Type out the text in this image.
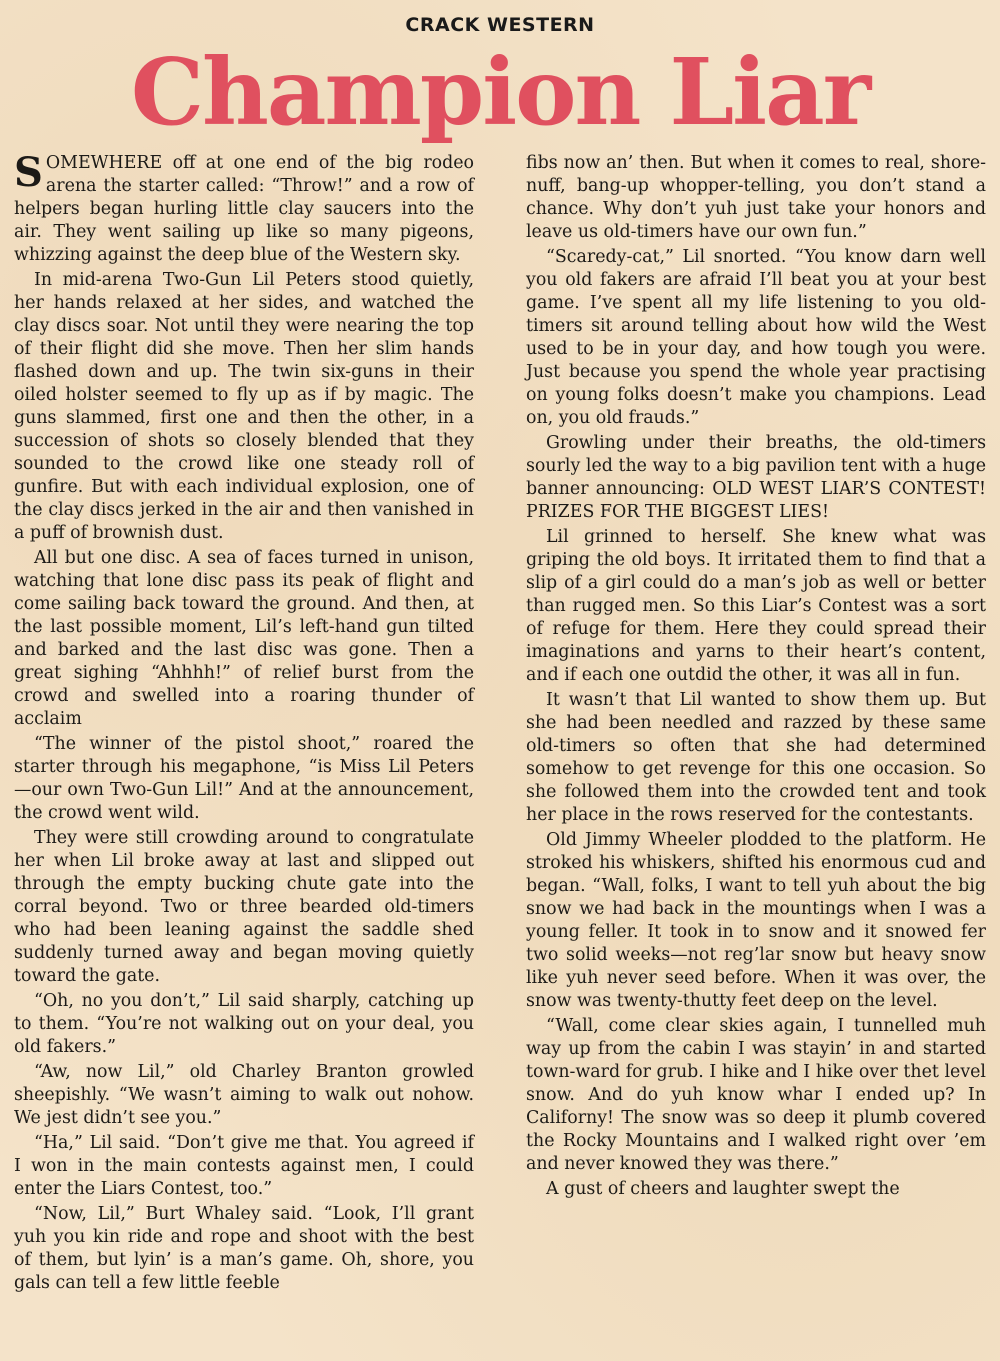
CRACK WESTERN
Champion Liar

SOMEWHERE off at one end of the big rodeo arena the starter called: “Throw!” and a row of helpers began hurling little clay saucers into the air. They went sailing up like so many pigeons, whizzing against the deep blue of the Western sky.

In mid-arena Two-Gun Lil Peters stood quietly, her hands relaxed at her sides, and watched the clay discs soar. Not until they were nearing the top of their flight did she move. Then her slim hands flashed down and up. The twin six-guns in their oiled holster seemed to fly up as if by magic. The guns slammed, first one and then the other, in a succession of shots so closely blended that they sounded to the crowd like one steady roll of gunfire. But with each individual explosion, one of the clay discs jerked in the air and then vanished in a puff of brownish dust.

All but one disc. A sea of faces turned in unison, watching that lone disc pass its peak of flight and come sailing back toward the ground. And then, at the last possible moment, Lil’s left-hand gun tilted and barked and the last disc was gone. Then a great sighing “Ahhhh!” of relief burst from the crowd and swelled into a roaring thunder of acclaim

“The winner of the pistol shoot,” roared the starter through his megaphone, “is Miss Lil Peters—our own Two-Gun Lil!” And at the announcement, the crowd went wild.

They were still crowding around to congratulate her when Lil broke away at last and slipped out through the empty bucking chute gate into the corral beyond. Two or three bearded old-timers who had been leaning against the saddle shed suddenly turned away and began moving quietly toward the gate.

“Oh, no you don’t,” Lil said sharply, catching up to them. “You’re not walking out on your deal, you old fakers.”

“Aw, now Lil,” old Charley Branton growled sheepishly. “We wasn’t aiming to walk out nohow. We jest didn’t see you.”

“Ha,” Lil said. “Don’t give me that. You agreed if I won in the main contests against men, I could enter the Liars Contest, too.”

“Now, Lil,” Burt Whaley said. “Look, I’ll grant yuh you kin ride and rope and shoot with the best of them, but lyin’ is a man’s game. Oh, shore, you gals can tell a few little feeble

fibs now an’ then. But when it comes to real, shore-nuff, bang-up whopper-telling, you don’t stand a chance. Why don’t yuh just take your honors and leave us old-timers have our own fun.”

“Scaredy-cat,” Lil snorted. “You know darn well you old fakers are afraid I’ll beat you at your best game. I’ve spent all my life listening to you old-timers sit around telling about how wild the West used to be in your day, and how tough you were. Just because you spend the whole year practising on young folks doesn’t make you champions. Lead on, you old frauds.”

Growling under their breaths, the old-timers sourly led the way to a big pavilion tent with a huge banner announcing: OLD WEST LIAR’S CONTEST! PRIZES FOR THE BIGGEST LIES!

Lil grinned to herself. She knew what was griping the old boys. It irritated them to find that a slip of a girl could do a man’s job as well or better than rugged men. So this Liar’s Contest was a sort of refuge for them. Here they could spread their imaginations and yarns to their heart’s content, and if each one outdid the other, it was all in fun.

It wasn’t that Lil wanted to show them up. But she had been needled and razzed by these same old-timers so often that she had determined somehow to get revenge for this one occasion. So she followed them into the crowded tent and took her place in the rows reserved for the contestants.

Old Jimmy Wheeler plodded to the platform. He stroked his whiskers, shifted his enormous cud and began. “Wall, folks, I want to tell yuh about the big snow we had back in the mountings when I was a young feller. It took in to snow and it snowed fer two solid weeks—not reg’lar snow but heavy snow like yuh never seed before. When it was over, the snow was twenty-thutty feet deep on the level.

“Wall, come clear skies again, I tunnelled muh way up from the cabin I was stayin’ in and started town-ward for grub. I hike and I hike over thet level snow. And do yuh know whar I ended up? In Californy! The snow was so deep it plumb covered the Rocky Mountains and I walked right over ’em and never knowed they was there.”

A gust of cheers and laughter swept the
